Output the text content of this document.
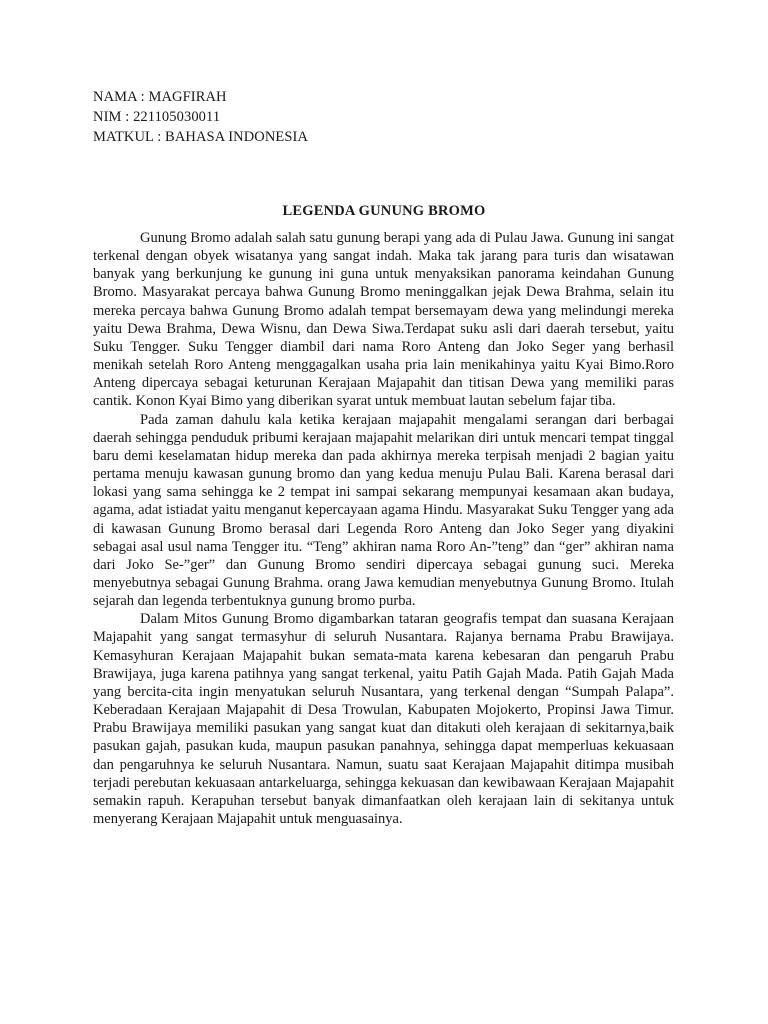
NAMA : MAGFIRAH
NIM : 221105030011
MATKUL : BAHASA INDONESIA
LEGENDA GUNUNG BROMO

Gunung Bromo adalah salah satu gunung berapi yang ada di Pulau Jawa. Gunung ini sangat terkenal dengan obyek wisatanya yang sangat indah. Maka tak jarang para turis dan wisatawan banyak yang berkunjung ke gunung ini guna untuk menyaksikan panorama keindahan Gunung Bromo. Masyarakat percaya bahwa Gunung Bromo meninggalkan jejak Dewa Brahma, selain itu mereka percaya bahwa Gunung Bromo adalah tempat bersemayam dewa yang melindungi mereka yaitu Dewa Brahma, Dewa Wisnu, dan Dewa Siwa.Terdapat suku asli dari daerah tersebut, yaitu Suku Tengger. Suku Tengger diambil dari nama Roro Anteng dan Joko Seger yang berhasil menikah setelah Roro Anteng menggagalkan usaha pria lain menikahinya yaitu Kyai Bimo.Roro Anteng dipercaya sebagai keturunan Kerajaan Majapahit dan titisan Dewa yang memiliki paras cantik. Konon Kyai Bimo yang diberikan syarat untuk membuat lautan sebelum fajar tiba.

Pada zaman dahulu kala ketika kerajaan majapahit mengalami serangan dari berbagai daerah sehingga penduduk pribumi kerajaan majapahit melarikan diri untuk mencari tempat tinggal baru demi keselamatan hidup mereka dan pada akhirnya mereka terpisah menjadi 2 bagian yaitu pertama menuju kawasan gunung bromo dan yang kedua menuju Pulau Bali. Karena berasal dari lokasi yang sama sehingga ke 2 tempat ini sampai sekarang mempunyai kesamaan akan budaya, agama, adat istiadat yaitu menganut kepercayaan agama Hindu. Masyarakat Suku Tengger yang ada di kawasan Gunung Bromo berasal dari Legenda Roro Anteng dan Joko Seger yang diyakini sebagai asal usul nama Tengger itu. “Teng” akhiran nama Roro An-”teng” dan “ger” akhiran nama dari Joko Se-”ger” dan Gunung Bromo sendiri dipercaya sebagai gunung suci. Mereka menyebutnya sebagai Gunung Brahma. orang Jawa kemudian menyebutnya Gunung Bromo. Itulah sejarah dan legenda terbentuknya gunung bromo purba.

Dalam Mitos Gunung Bromo digambarkan tataran geografis tempat dan suasana Kerajaan Majapahit yang sangat termasyhur di seluruh Nusantara. Rajanya bernama Prabu Brawijaya. Kemasyhuran Kerajaan Majapahit bukan semata-mata karena kebesaran dan pengaruh Prabu Brawijaya, juga karena patihnya yang sangat terkenal, yaitu Patih Gajah Mada. Patih Gajah Mada yang bercita-cita ingin menyatukan seluruh Nusantara, yang terkenal dengan “Sumpah Palapa”. Keberadaan Kerajaan Majapahit di Desa Trowulan, Kabupaten Mojokerto, Propinsi Jawa Timur. Prabu Brawijaya memiliki pasukan yang sangat kuat dan ditakuti oleh kerajaan di sekitarnya,baik pasukan gajah, pasukan kuda, maupun pasukan panahnya, sehingga dapat memperluas kekuasaan dan pengaruhnya ke seluruh Nusantara. Namun, suatu saat Kerajaan Majapahit ditimpa musibah terjadi perebutan kekuasaan antarkeluarga, sehingga kekuasan dan kewibawaan Kerajaan Majapahit semakin rapuh. Kerapuhan tersebut banyak dimanfaatkan oleh kerajaan lain di sekitanya untuk menyerang Kerajaan Majapahit untuk menguasainya.
